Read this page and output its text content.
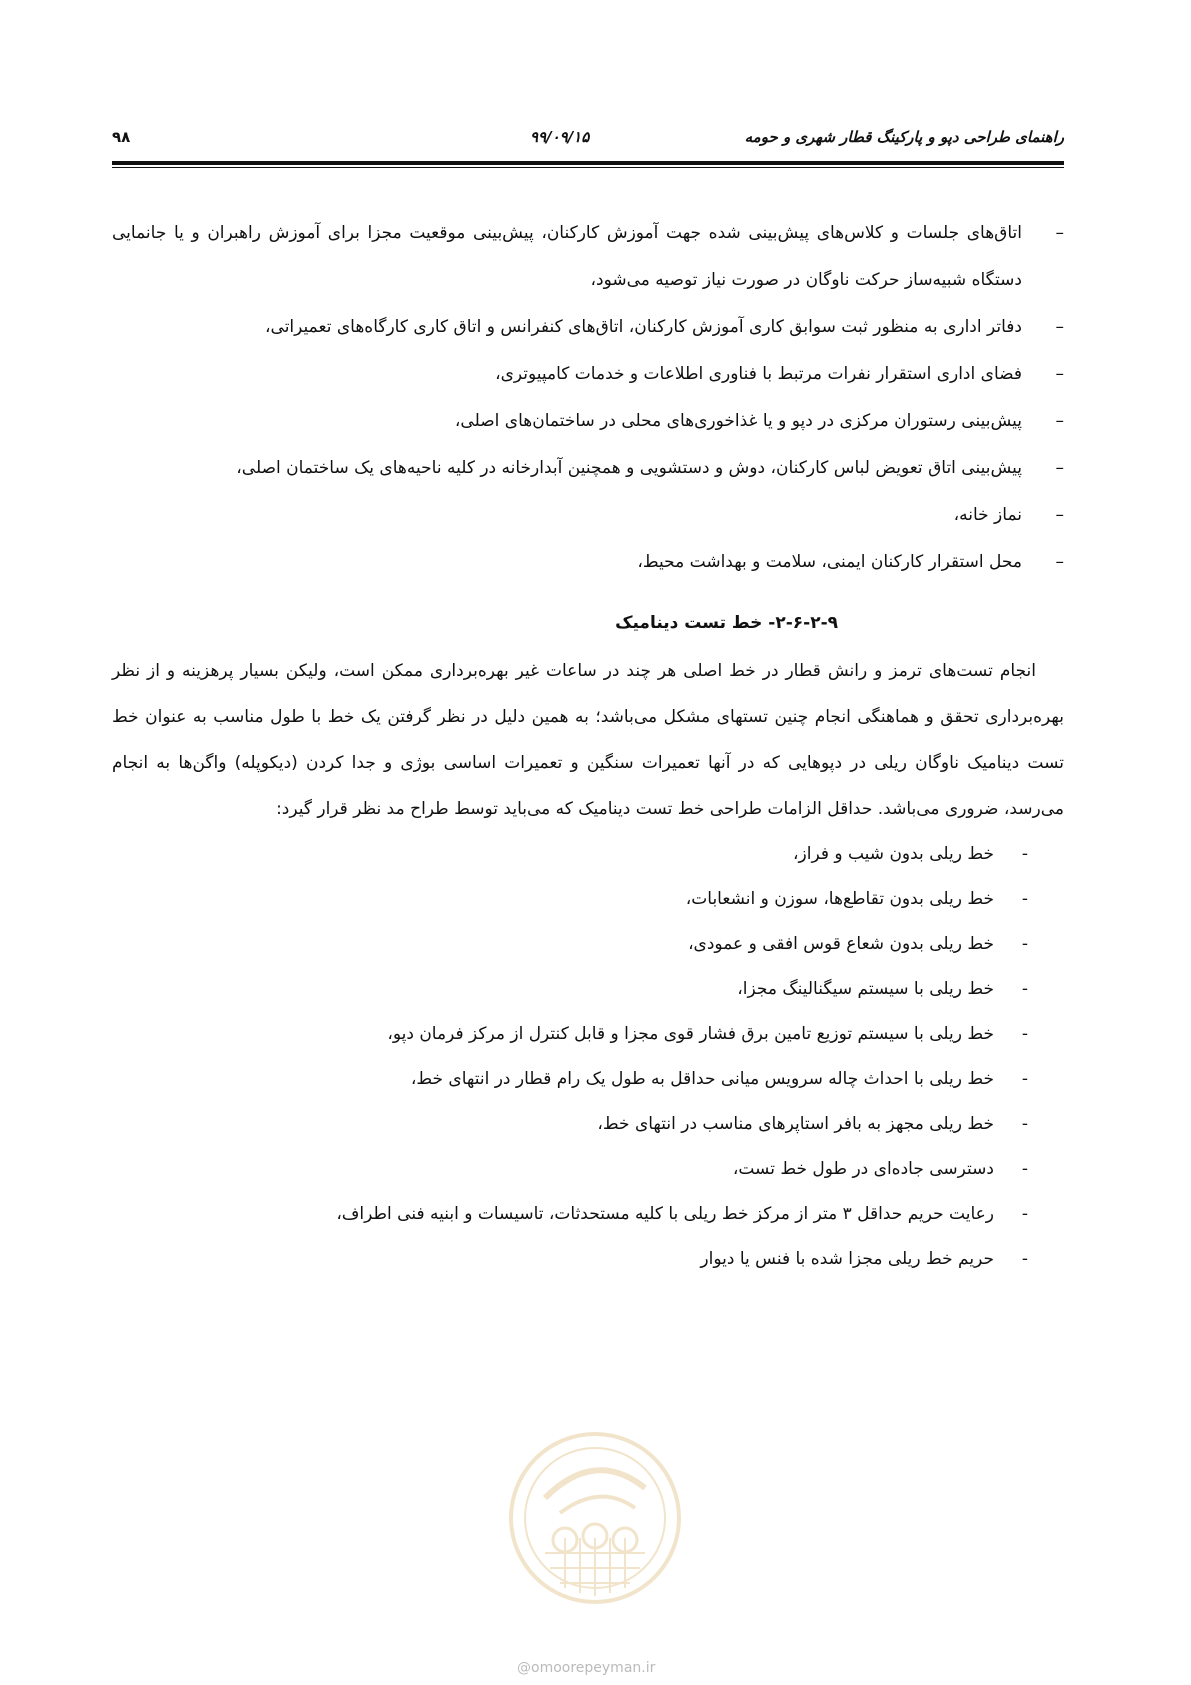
۹۸	۹۹/۰۹/۱۵	راهنمای طراحی دپو و پارکینگ قطار شهری و حومه
– اتاق‌های جلسات و کلاس‌های پیش‌بینی شده جهت آموزش کارکنان، پیش‌بینی موقعیت مجزا برای آموزش راهبران و یا جانمایی دستگاه شبیه‌ساز حرکت ناوگان در صورت نیاز توصیه می‌شود،
– دفاتر اداری به منظور ثبت سوابق کاری آموزش کارکنان، اتاق‌های کنفرانس و اتاق کاری کارگاه‌های تعمیراتی،
– فضای اداری استقرار نفرات مرتبط با فناوری اطلاعات و خدمات کامپیوتری،
– پیش‌بینی رستوران مرکزی در دپو و یا غذاخوری‌های محلی در ساختمان‌های اصلی،
– پیش‌بینی اتاق تعویض لباس کارکنان، دوش و دستشویی و همچنین آبدارخانه در کلیه ناحیه‌های یک ساختمان اصلی،
– نماز خانه،
– محل استقرار کارکنان ایمنی، سلامت و بهداشت محیط،
۲-۶-۲-۹- خط تست دینامیک

انجام تست‌های ترمز و رانش قطار در خط اصلی هر چند در ساعات غیر بهره‌برداری ممکن است، ولیکن بسیار پرهزینه و از نظر بهره‌برداری تحقق و هماهنگی انجام چنین تستهای مشکل می‌باشد؛ به همین دلیل در نظر گرفتن یک خط با طول مناسب به عنوان خط تست دینامیک ناوگان ریلی در دپوهایی که در آنها تعمیرات سنگین و تعمیرات اساسی بوژی و جدا کردن (دیکوپله) واگن‌ها به انجام می‌رسد، ضروری می‌باشد. حداقل الزامات طراحی خط تست دینامیک که می‌باید توسط طراح مد نظر قرار گیرد:

- خط ریلی بدون شیب و فراز،
- خط ریلی بدون تقاطع‌ها، سوزن و انشعابات،
- خط ریلی بدون شعاع قوس افقی و عمودی،
- خط ریلی با سیستم سیگنالینگ مجزا،
- خط ریلی با سیستم توزیع تامین برق فشار قوی مجزا و قابل کنترل از مرکز فرمان دپو،
- خط ریلی با احداث چاله سرویس میانی حداقل به طول یک رام قطار در انتهای خط،
- خط ریلی مجهز به بافر استاپرهای مناسب در انتهای خط،
- دسترسی جاده‌ای در طول خط تست،
- رعایت حریم حداقل ۳ متر از مرکز خط ریلی با کلیه مستحدثات، تاسیسات و ابنیه فنی اطراف،
- حریم خط ریلی مجزا شده با فنس یا دیوار
@omoorepeyman.ir
